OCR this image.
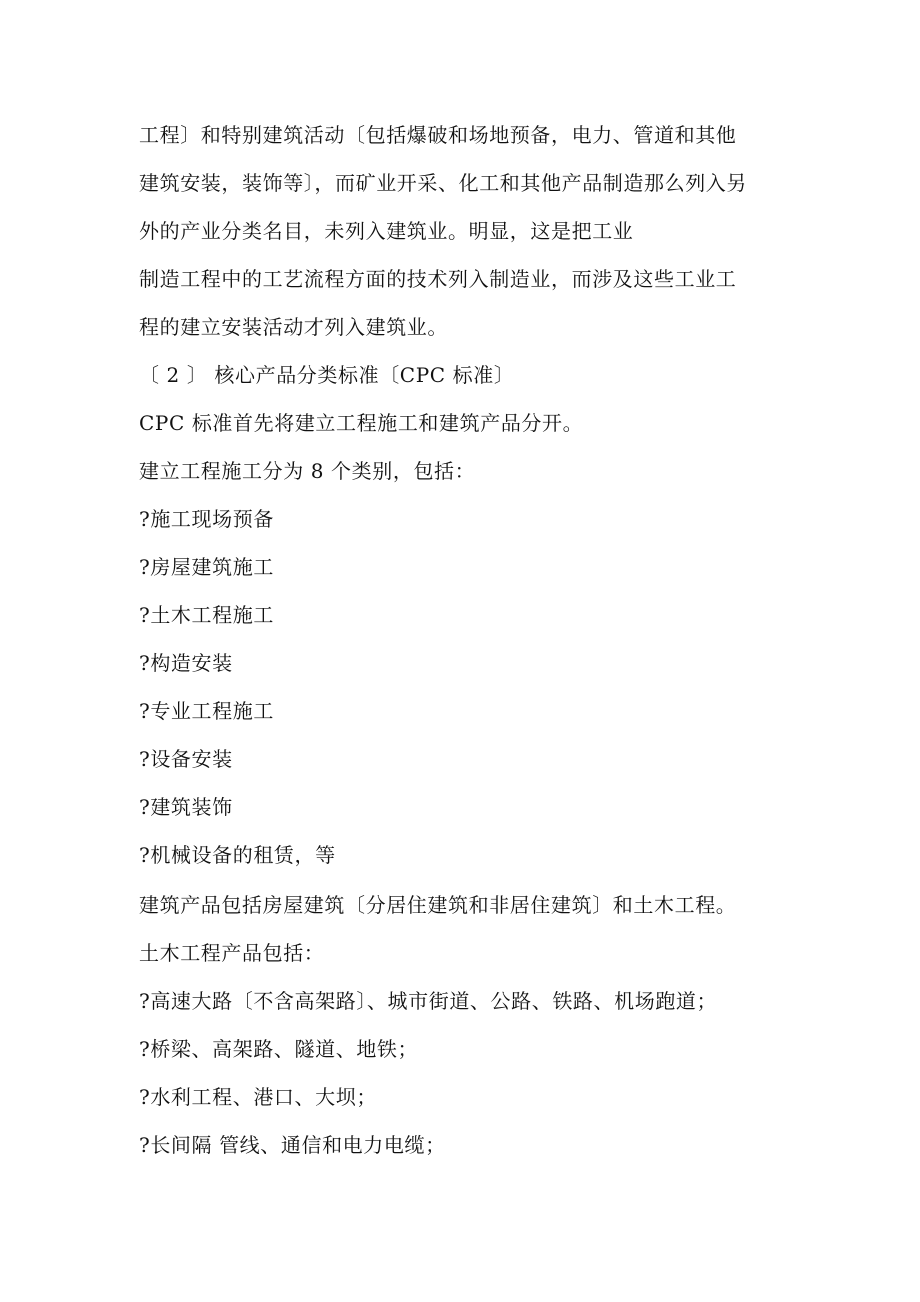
工程〕和特别建筑活动〔包括爆破和场地预备，电力、管道和其他
建筑安装，装饰等〕，而矿业开采、化工和其他产品制造那么列入另
外的产业分类名目，未列入建筑业。明显，这是把工业
制造工程中的工艺流程方面的技术列入制造业，而涉及这些工业工
程的建立安装活动才列入建筑业。
〔 2 〕 核心产品分类标准〔CPC 标准〕
CPC 标准首先将建立工程施工和建筑产品分开。
建立工程施工分为 8 个类别，包括：
?施工现场预备
?房屋建筑施工
?土木工程施工
?构造安装
?专业工程施工
?设备安装
?建筑装饰
?机械设备的租赁，等
建筑产品包括房屋建筑〔分居住建筑和非居住建筑〕和土木工程。
土木工程产品包括：
?高速大路〔不含高架路〕、城市街道、公路、铁路、机场跑道；
?桥梁、高架路、隧道、地铁；
?水利工程、港口、大坝；
?长间隔 管线、通信和电力电缆；
